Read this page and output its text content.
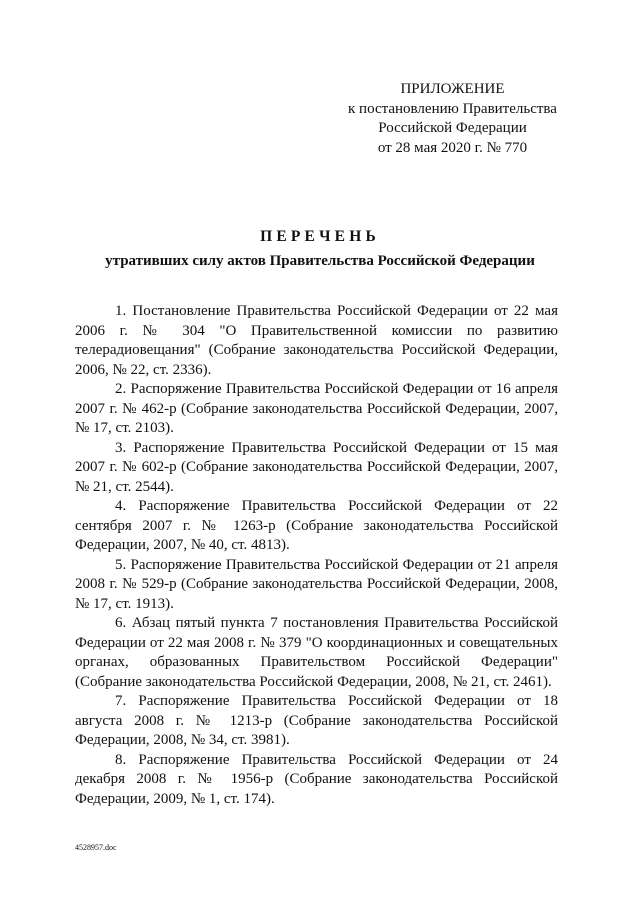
ПРИЛОЖЕНИЕ
к постановлению Правительства
Российской Федерации
от 28 мая 2020 г. № 770
ПЕРЕЧЕНЬ
утративших силу актов Правительства Российской Федерации

1. Постановление Правительства Российской Федерации от 22 мая 2006 г. № 304 "О Правительственной комиссии по развитию телерадиовещания" (Собрание законодательства Российской Федерации, 2006, № 22, ст. 2336).

2. Распоряжение Правительства Российской Федерации от 16 апреля 2007 г. № 462-р (Собрание законодательства Российской Федерации, 2007, № 17, ст. 2103).

3. Распоряжение Правительства Российской Федерации от 15 мая 2007 г. № 602-р (Собрание законодательства Российской Федерации, 2007, № 21, ст. 2544).

4. Распоряжение Правительства Российской Федерации от 22 сентября 2007 г. № 1263-р (Собрание законодательства Российской Федерации, 2007, № 40, ст. 4813).

5. Распоряжение Правительства Российской Федерации от 21 апреля 2008 г. № 529-р (Собрание законодательства Российской Федерации, 2008, № 17, ст. 1913).

6. Абзац пятый пункта 7 постановления Правительства Российской Федерации от 22 мая 2008 г. № 379 "О координационных и совещательных органах, образованных Правительством Российской Федерации" (Собрание законодательства Российской Федерации, 2008, № 21, ст. 2461).

7. Распоряжение Правительства Российской Федерации от 18 августа 2008 г. № 1213-р (Собрание законодательства Российской Федерации, 2008, № 34, ст. 3981).

8. Распоряжение Правительства Российской Федерации от 24 декабря 2008 г. № 1956-р (Собрание законодательства Российской Федерации, 2009, № 1, ст. 174).

4528957.doc
